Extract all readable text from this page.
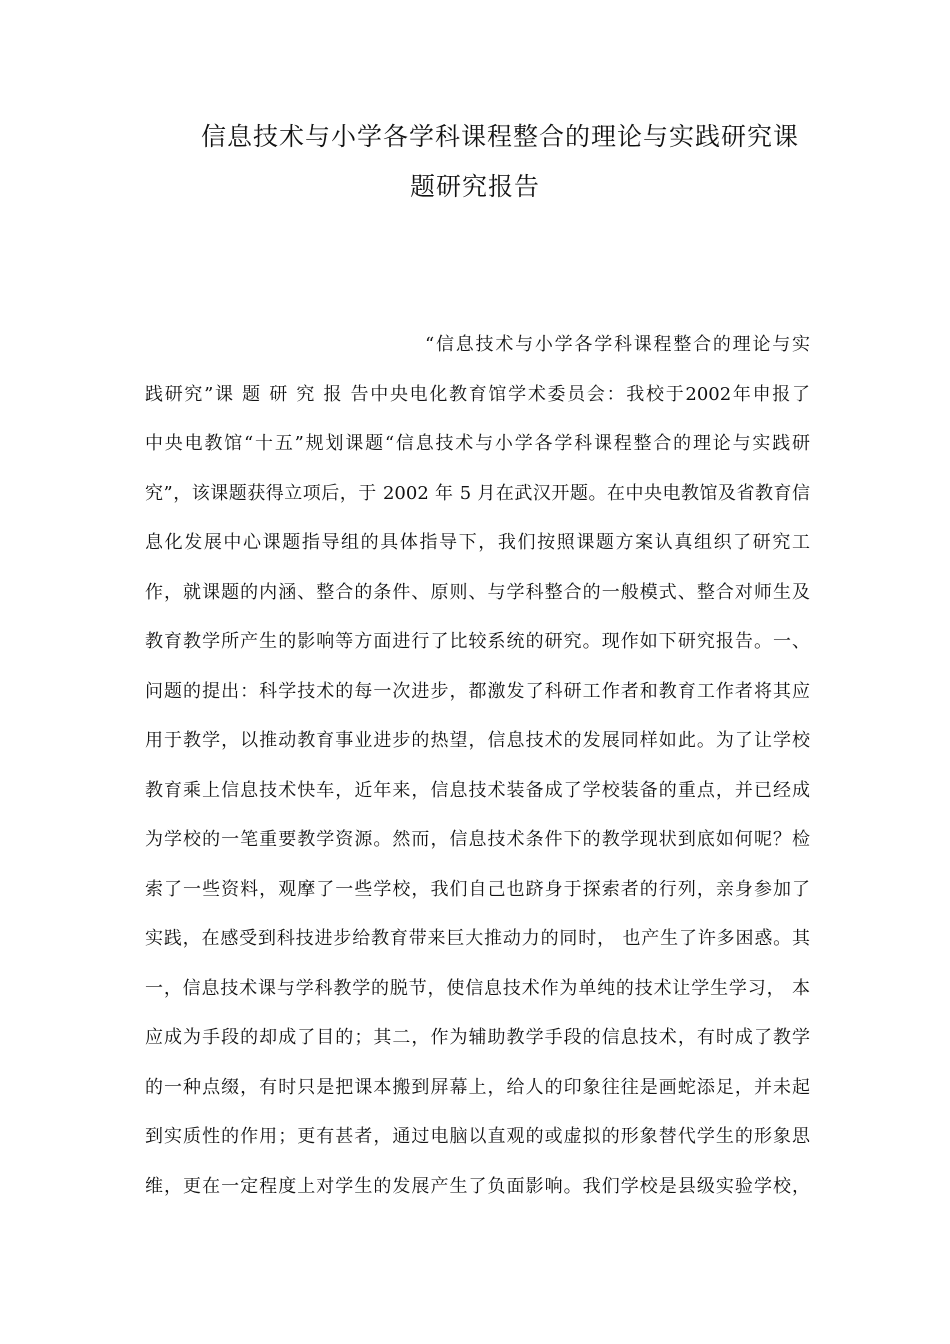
信息技术与小学各学科课程整合的理论与实践研究课
题研究报告
“信息技术与小学各学科课程整合的理论与实
践研究”课 题 研 究 报 告中央电化教育馆学术委员会：我校于2002年申报了
中央电教馆“十五”规划课题“信息技术与小学各学科课程整合的理论与实践研
究”，该课题获得立项后，于 2002 年 5 月在武汉开题。在中央电教馆及省教育信
息化发展中心课题指导组的具体指导下，我们按照课题方案认真组织了研究工
作，就课题的内涵、整合的条件、原则、与学科整合的一般模式、整合对师生及
教育教学所产生的影响等方面进行了比较系统的研究。现作如下研究报告。一、
问题的提出：科学技术的每一次进步，都激发了科研工作者和教育工作者将其应
用于教学，以推动教育事业进步的热望，信息技术的发展同样如此。为了让学校
教育乘上信息技术快车，近年来，信息技术装备成了学校装备的重点，并已经成
为学校的一笔重要教学资源。然而，信息技术条件下的教学现状到底如何呢？检
索了一些资料，观摩了一些学校，我们自己也跻身于探索者的行列，亲身参加了
实践，在感受到科技进步给教育带来巨大推动力的同时， 也产生了许多困惑。其
一，信息技术课与学科教学的脱节，使信息技术作为单纯的技术让学生学习， 本
应成为手段的却成了目的；其二，作为辅助教学手段的信息技术，有时成了教学
的一种点缀，有时只是把课本搬到屏幕上，给人的印象往往是画蛇添足，并未起
到实质性的作用；更有甚者，通过电脑以直观的或虚拟的形象替代学生的形象思
维，更在一定程度上对学生的发展产生了负面影响。我们学校是县级实验学校，
